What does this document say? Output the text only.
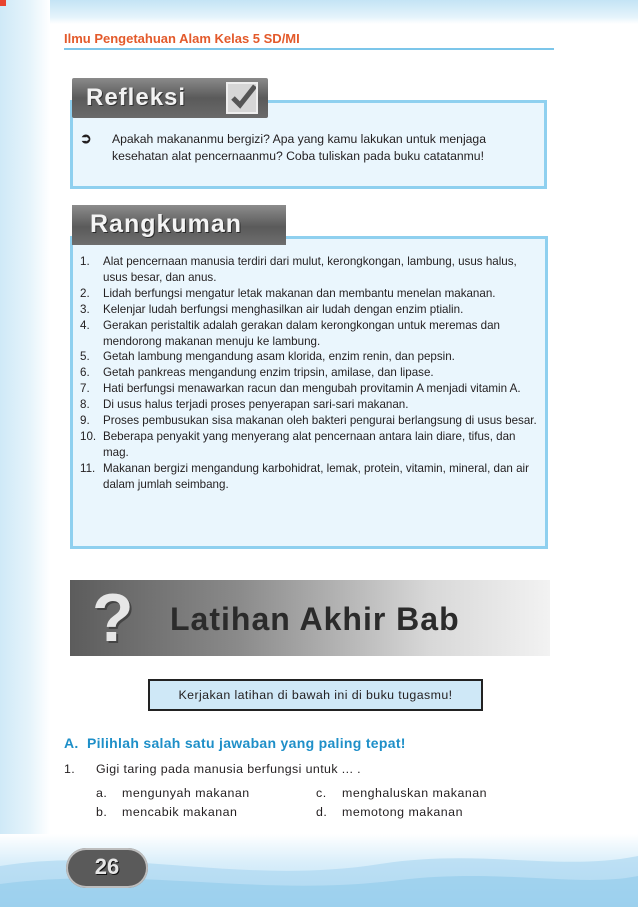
Ilmu Pengetahuan Alam Kelas 5 SD/MI
Refleksi
➲ Apakah makananmu bergizi? Apa yang kamu lakukan untuk menjaga kesehatan alat pencernaanmu? Coba tuliskan pada buku catatanmu!
Rangkuman
1. Alat pencernaan manusia terdiri dari mulut, kerongkongan, lambung, usus halus, usus besar, dan anus.
2. Lidah berfungsi mengatur letak makanan dan membantu menelan makanan.
3. Kelenjar ludah berfungsi menghasilkan air ludah dengan enzim ptialin.
4. Gerakan peristaltik adalah gerakan dalam kerongkongan untuk meremas dan mendorong makanan menuju ke lambung.
5. Getah lambung mengandung asam klorida, enzim renin, dan pepsin.
6. Getah pankreas mengandung enzim tripsin, amilase, dan lipase.
7. Hati berfungsi menawarkan racun dan mengubah provitamin A menjadi vitamin A.
8. Di usus halus terjadi proses penyerapan sari-sari makanan.
9. Proses pembusukan sisa makanan oleh bakteri pengurai berlangsung di usus besar.
10. Beberapa penyakit yang menyerang alat pencernaan antara lain diare, tifus, dan mag.
11. Makanan bergizi mengandung karbohidrat, lemak, protein, vitamin, mineral, dan air dalam jumlah seimbang.
? Latihan Akhir Bab
Kerjakan latihan di bawah ini di buku tugasmu!
A.  Pilihlah salah satu jawaban yang paling tepat!
1. Gigi taring pada manusia berfungsi untuk ... .
a. mengunyah makanan
b. mencabik makanan
c. menghaluskan makanan
d. memotong makanan
26
